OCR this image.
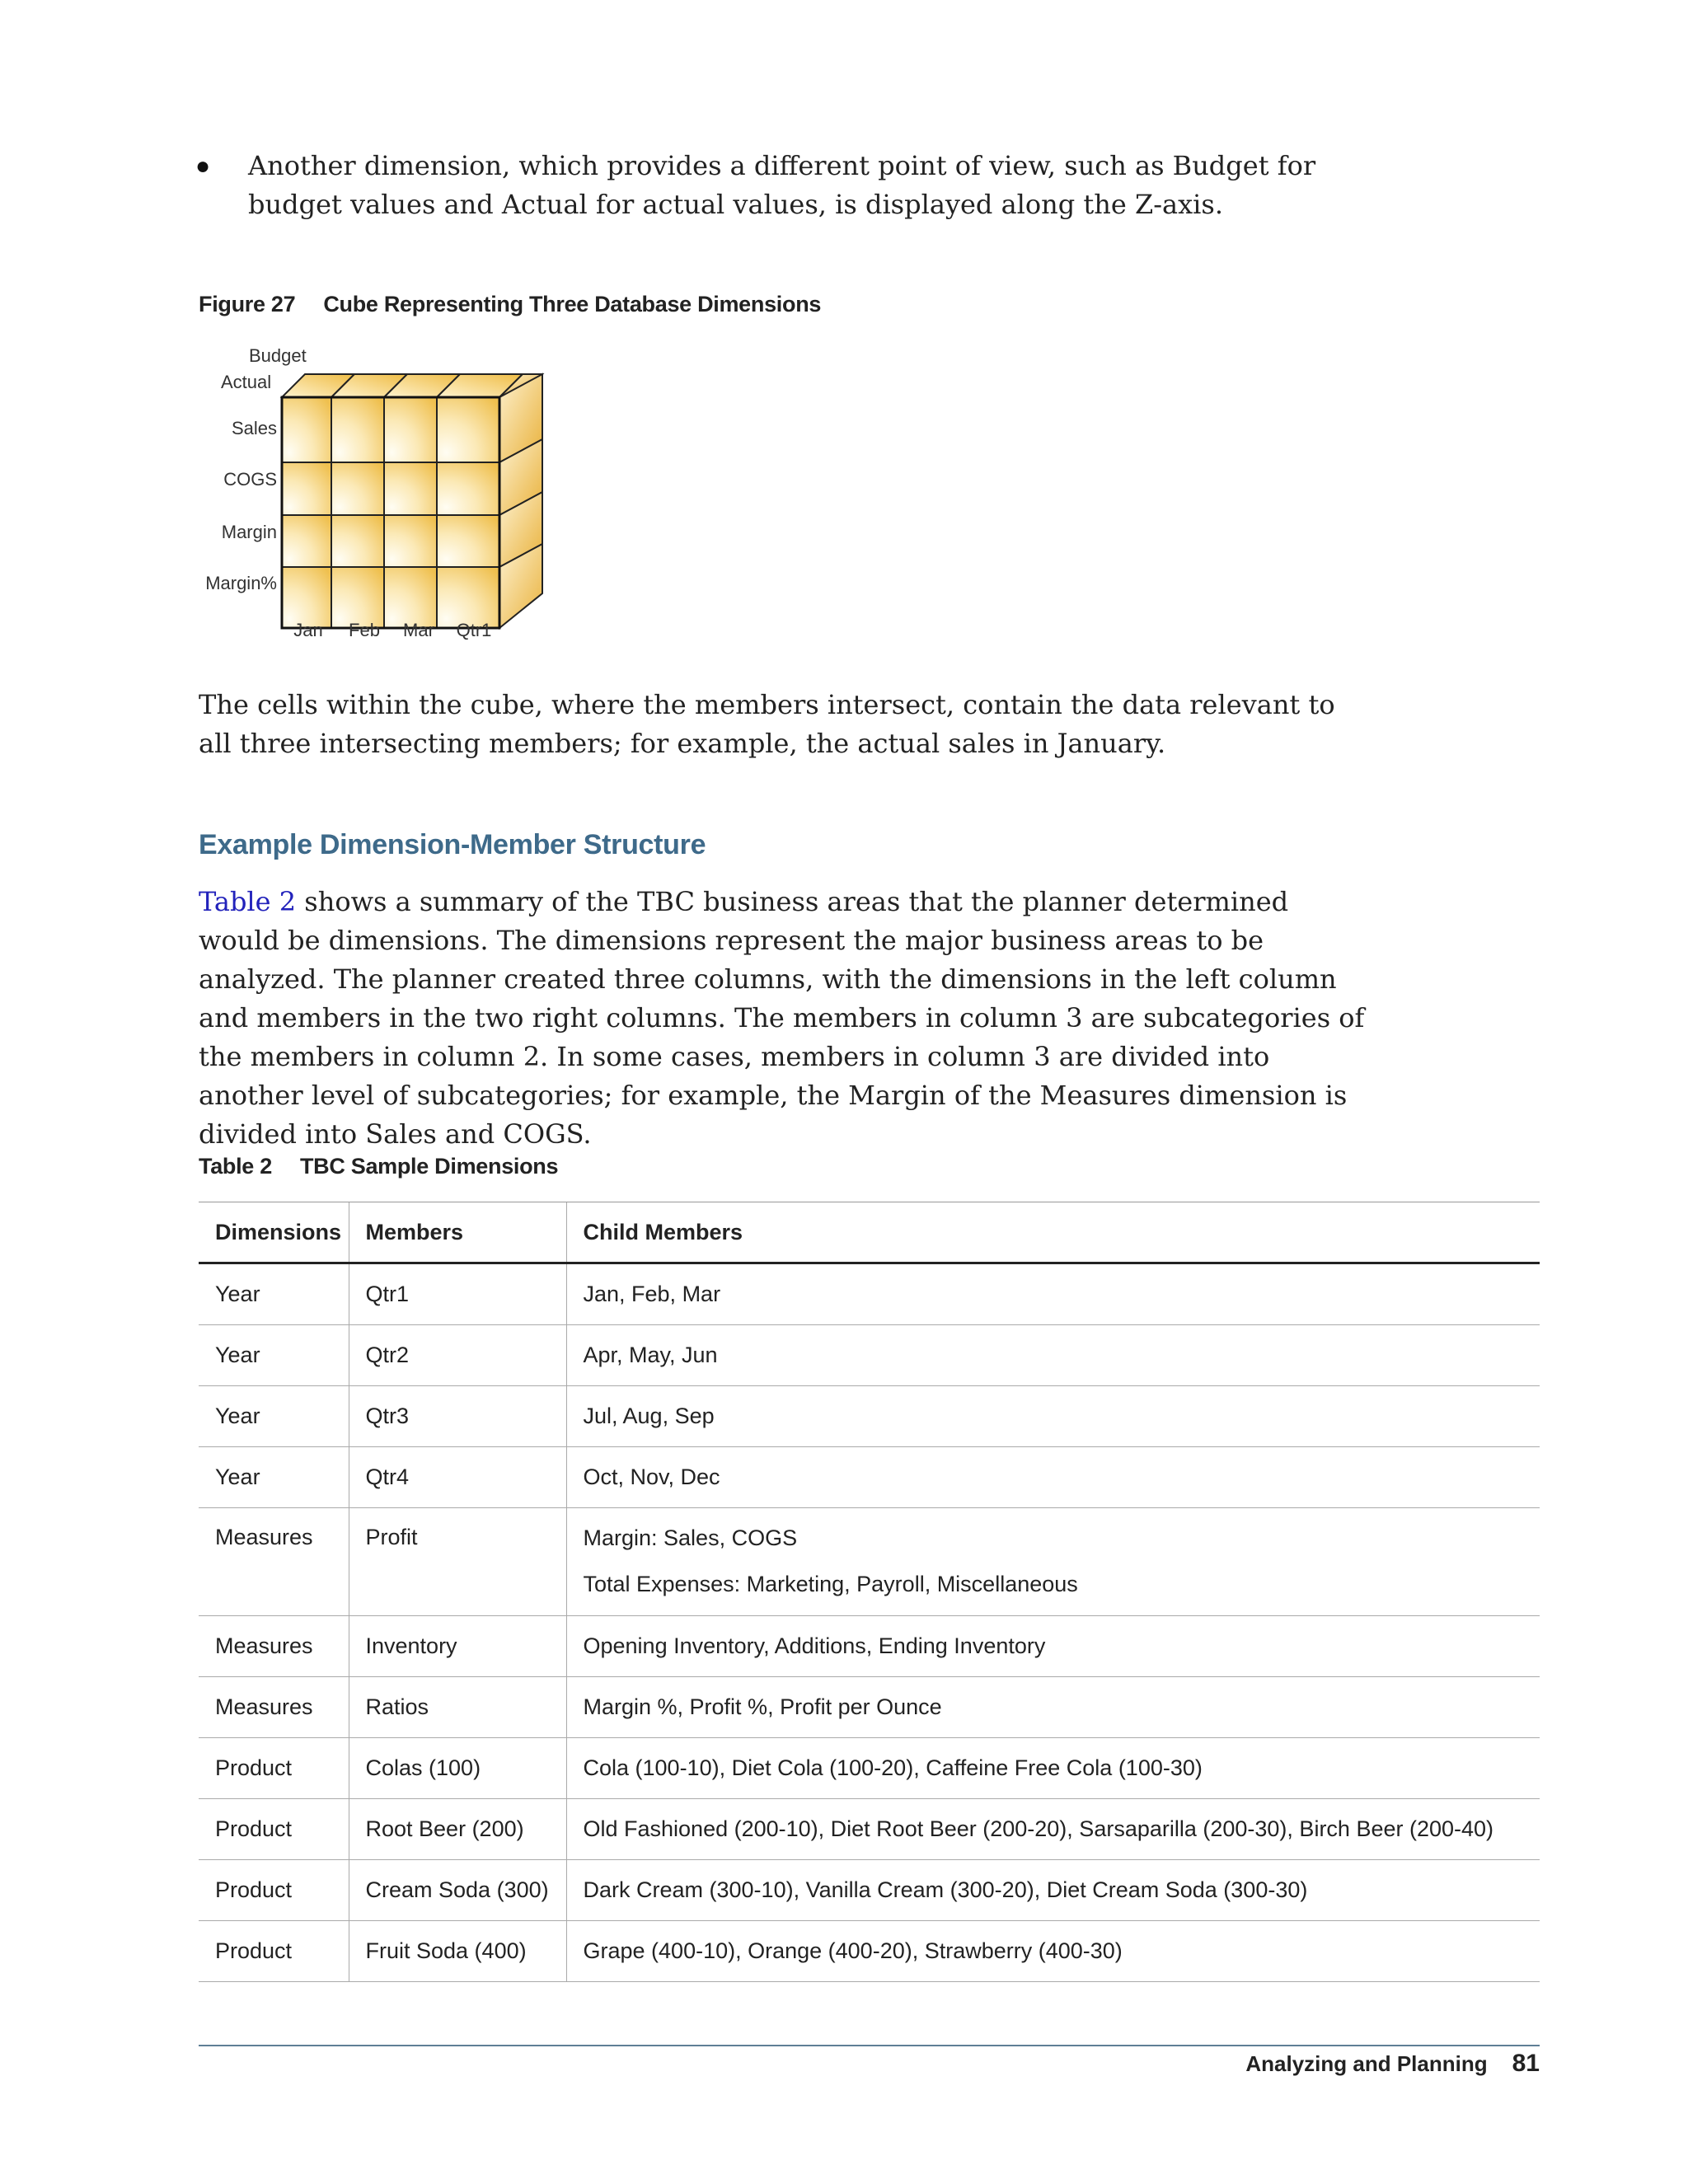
●	Another dimension, which provides a different point of view, such as Budget for budget values and Actual for actual values, is displayed along the Z-axis.
Figure 27 Cube Representing Three Database Dimensions
Budget
Actual
Sales
COGS
Margin
Margin%
Jan Feb Mar Qtr1
The cells within the cube, where the members intersect, contain the data relevant to all three intersecting members; for example, the actual sales in January.
Example Dimension-Member Structure
Table 2 shows a summary of the TBC business areas that the planner determined would be dimensions. The dimensions represent the major business areas to be analyzed. The planner created three columns, with the dimensions in the left column and members in the two right columns. The members in column 3 are subcategories of the members in column 2. In some cases, members in column 3 are divided into another level of subcategories; for example, the Margin of the Measures dimension is divided into Sales and COGS.
Table 2 TBC Sample Dimensions
Dimensions	Members	Child Members
Year	Qtr1	Jan, Feb, Mar
Year	Qtr2	Apr, May, Jun
Year	Qtr3	Jul, Aug, Sep
Year	Qtr4	Oct, Nov, Dec
Measures	Profit	Margin: Sales, COGS
Total Expenses: Marketing, Payroll, Miscellaneous

Measures	Inventory	Opening Inventory, Additions, Ending Inventory
Measures	Ratios	Margin %, Profit %, Profit per Ounce
Product	Colas (100)	Cola (100-10), Diet Cola (100-20), Caffeine Free Cola (100-30)
Product	Root Beer (200)	Old Fashioned (200-10), Diet Root Beer (200-20), Sarsaparilla (200-30), Birch Beer (200-40)
Product	Cream Soda (300)	Dark Cream (300-10), Vanilla Cream (300-20), Diet Cream Soda (300-30)
Product	Fruit Soda (400)	Grape (400-10), Orange (400-20), Strawberry (400-30)
Analyzing and Planning 81
